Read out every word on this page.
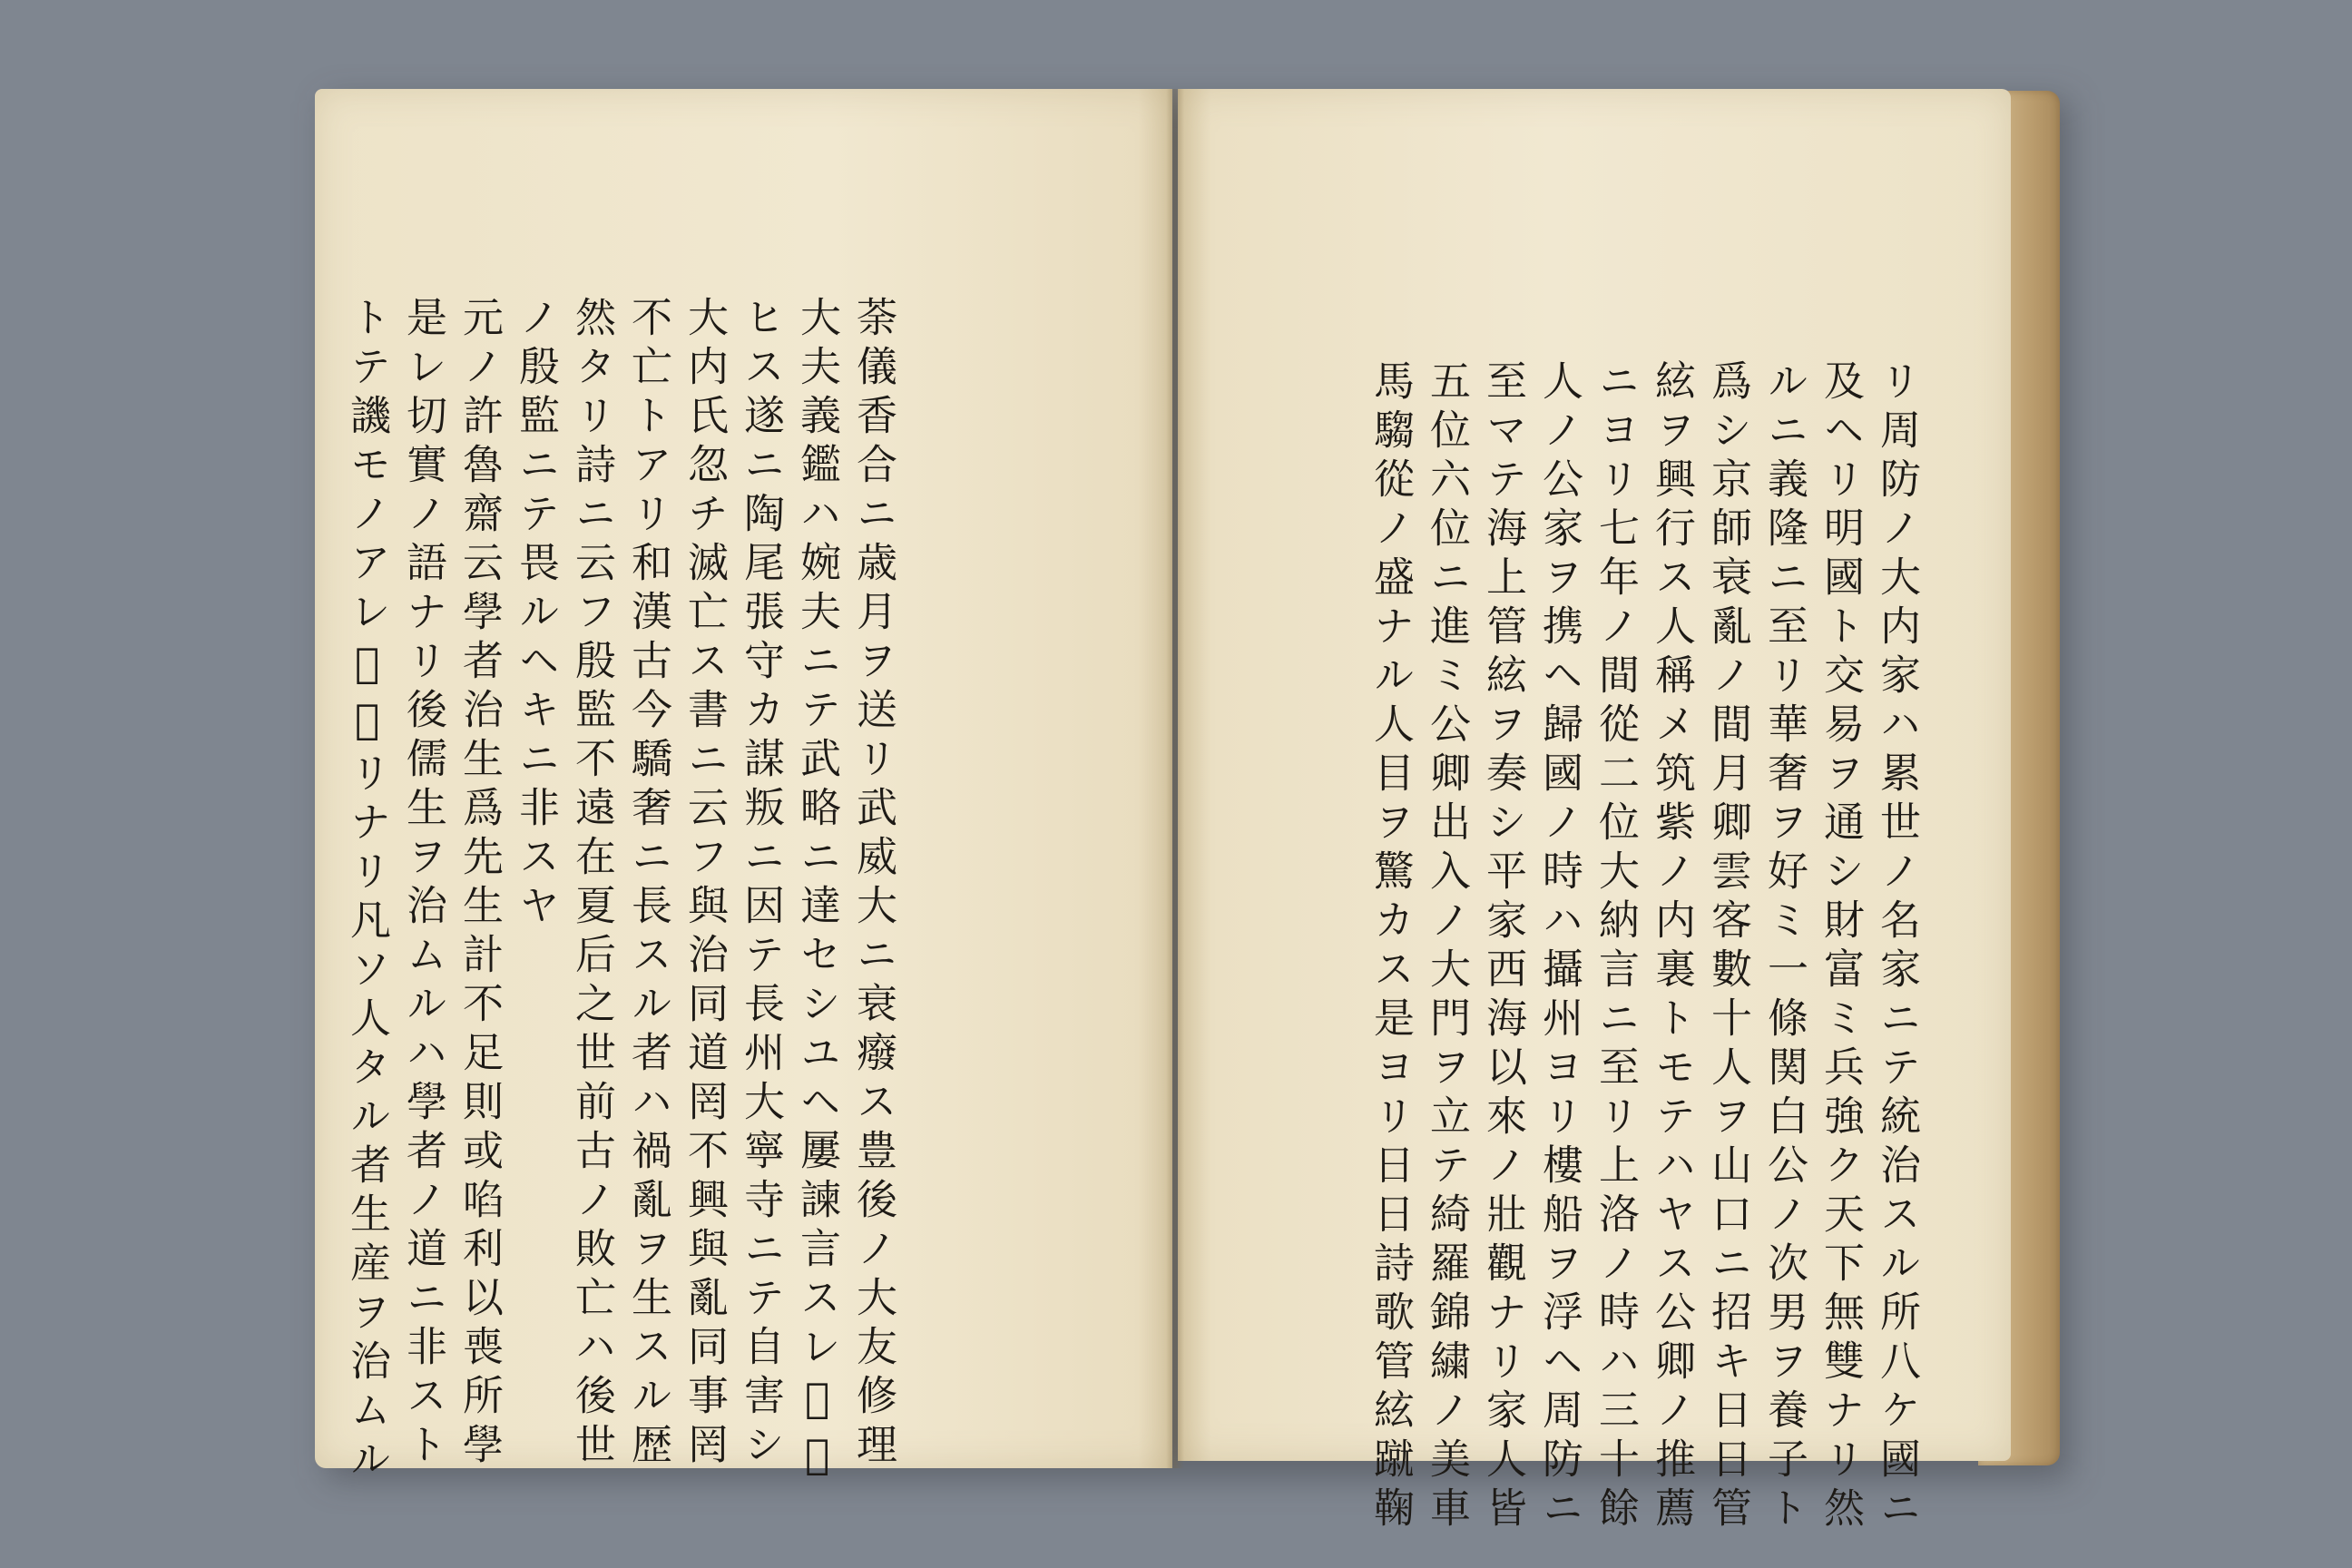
荼儀香合ニ歳月ヲ送リ武威大ニ衰癈ス豊後ノ大友修理
大夫義鑑ハ婉夫ニテ武略ニ達セシユヘ屢諫言スレ𪜈用
ヒス遂ニ陶尾張守カ謀叛ニ因テ長州大寧寺ニテ自害シ
大内氏忽チ滅亡ス書ニ云フ與治同道罔不興與亂同事罔
不亡トアリ和漢古今驕奢ニ長スル者ハ禍亂ヲ生スル歴
然タリ詩ニ云フ殷監不遠在夏后之世前古ノ敗亡ハ後世
ノ殷監ニテ畏ルヘキニ非スヤ
元ノ許魯齋云學者治生爲先生計不足則或啗利以喪所學
是レ切實ノ語ナリ後儒生ヲ治ムルハ學者ノ道ニ非スト
トテ譏モノアレ𪜈誤リナリ凡ソ人タル者生産ヲ治ムル	リ周防ノ大内家ハ累世ノ名家ニテ統治スル所八ケ國ニ
及ヘリ明國ト交易ヲ通シ財富ミ兵強ク天下無雙ナリ然
ルニ義隆ニ至リ華奢ヲ好ミ一條関白公ノ次男ヲ養子ト
爲シ京師衰亂ノ間月卿雲客數十人ヲ山口ニ招キ日日管
絃ヲ興行ス人稱メ筑紫ノ内裏トモテハヤス公卿ノ推薦
ニヨリ七年ノ間從二位大納言ニ至リ上洛ノ時ハ三十餘
人ノ公家ヲ携ヘ歸國ノ時ハ攝州ヨリ樓船ヲ浮ヘ周防ニ
至マテ海上管絃ヲ奏シ平家西海以來ノ壯觀ナリ家人皆
五位六位ニ進ミ公卿出入ノ大門ヲ立テ綺羅錦繍ノ美車
馬騶從ノ盛ナル人目ヲ驚カス是ヨリ日日詩歌管絃蹴鞠
